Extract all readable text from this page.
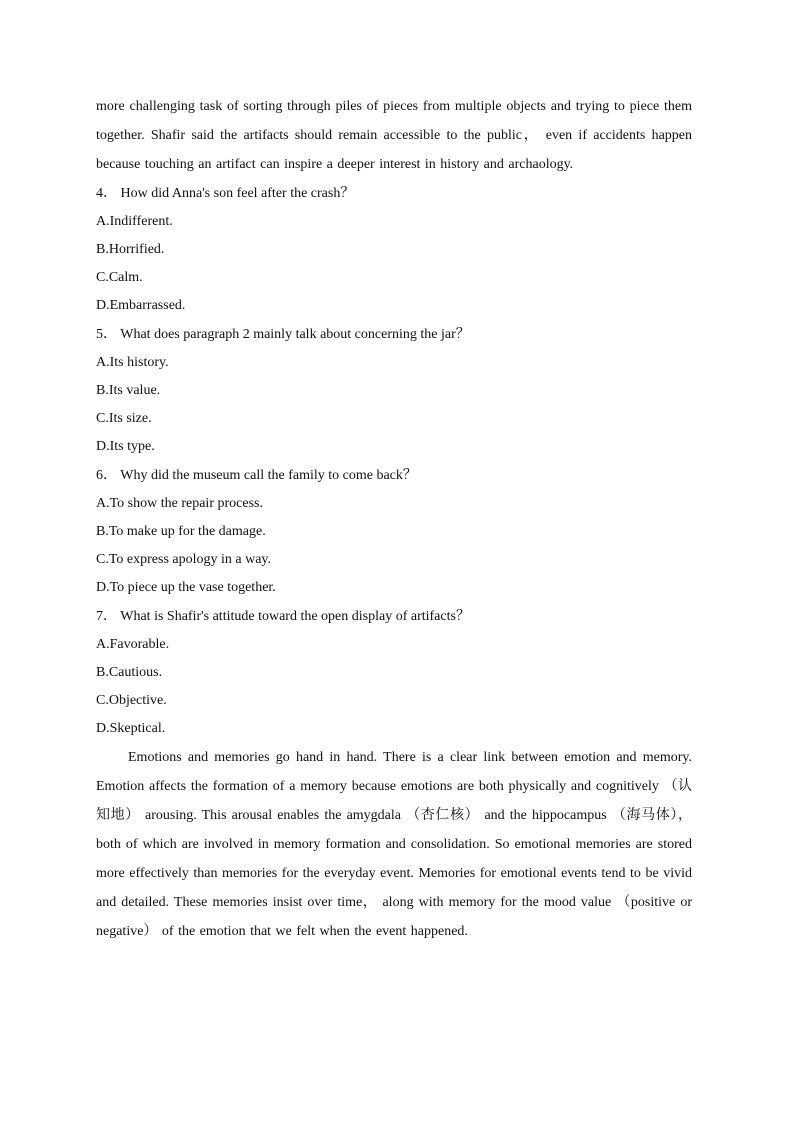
more challenging task of sorting through piles of pieces from multiple objects and trying to piece them together. Shafir said the artifacts should remain accessible to the public， even if accidents happen because touching an artifact can inspire a deeper interest in history and archaology.

4． How did Anna's son feel after the crash？

A.Indifferent.

B.Horrified.

C.Calm.

D.Embarrassed.

5． What does paragraph 2 mainly talk about concerning the jar？

A.Its history.

B.Its value.

C.Its size.

D.Its type.

6． Why did the museum call the family to come back？

A.To show the repair process.

B.To make up for the damage.

C.To express apology in a way.

D.To piece up the vase together.

7． What is Shafir's attitude toward the open display of artifacts？

A.Favorable.

B.Cautious.

C.Objective.

D.Skeptical.

Emotions and memories go hand in hand. There is a clear link between emotion and memory. Emotion affects the formation of a memory because emotions are both physically and cognitively （认知地） arousing. This arousal enables the amygdala （杏仁核） and the hippocampus （海马体）， both of which are involved in memory formation and consolidation. So emotional memories are stored more effectively than memories for the everyday event. Memories for emotional events tend to be vivid and detailed. These memories insist over time， along with memory for the mood value （positive or negative） of the emotion that we felt when the event happened.
